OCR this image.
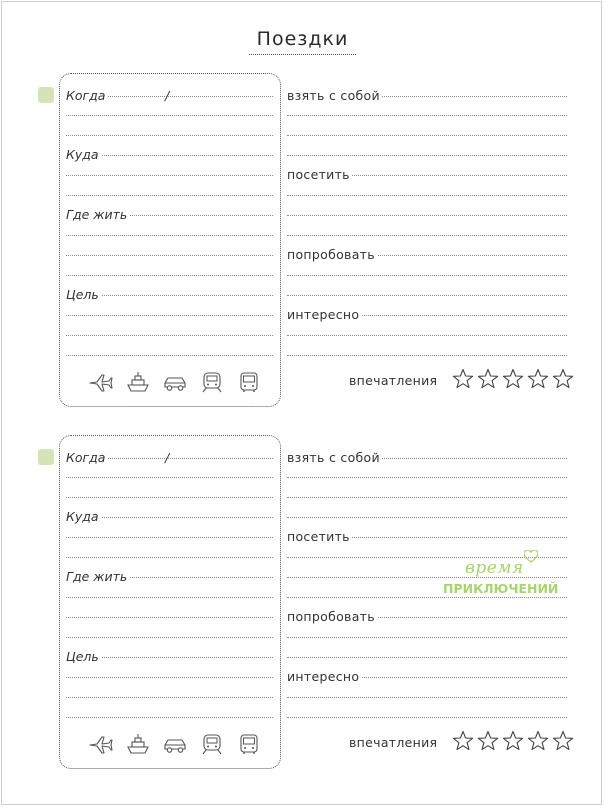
Поездки
Когда	/
Куда
Где жить
Цель
взять с собой
посетить
попробовать
интересно
впечатления
Когда	/
Куда
Где жить
Цель
взять с собой
посетить
попробовать
интересно
впечатления
время
ПРИКЛЮЧЕНИЙ
